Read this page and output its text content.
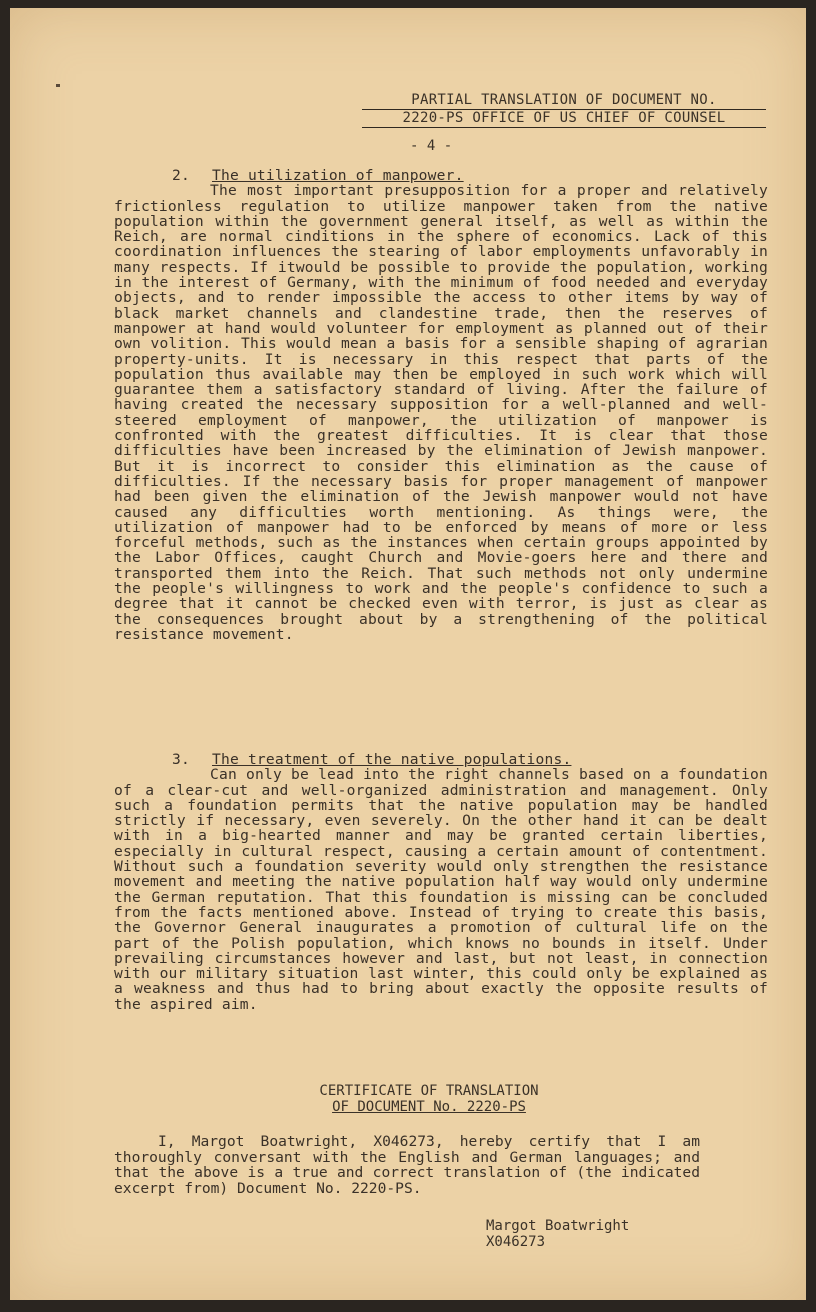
PARTIAL TRANSLATION OF DOCUMENT NO.
2220-PS OFFICE OF US CHIEF OF COUNSEL
- 4 -
2. The utilization of manpower.
The most important presupposition for a proper and relatively frictionless regulation to utilize manpower taken from the native population within the government general itself, as well as within the Reich, are normal cinditions in the sphere of economics. Lack of this coordination influences the stearing of labor employments unfavorably in many respects. If itwould be possible to provide the population, working in the interest of Germany, with the minimum of food needed and everyday objects, and to render impossible the access to other items by way of black market channels and clandestine trade, then the reserves of manpower at hand would volunteer for employment as planned out of their own volition. This would mean a basis for a sensible shaping of agrarian property-units. It is necessary in this respect that parts of the population thus available may then be employed in such work which will guarantee them a satisfactory standard of living. After the failure of having created the necessary supposition for a well-planned and well-steered employment of manpower, the utilization of manpower is confronted with the greatest difficulties. It is clear that those difficulties have been increased by the elimination of Jewish manpower. But it is incorrect to consider this elimination as the cause of difficulties. If the necessary basis for proper management of manpower had been given the elimination of the Jewish manpower would not have caused any difficulties worth mentioning. As things were, the utilization of manpower had to be enforced by means of more or less forceful methods, such as the instances when certain groups appointed by the Labor Offices, caught Church and Movie-goers here and there and transported them into the Reich. That such methods not only undermine the people's willingness to work and the people's confidence to such a degree that it cannot be checked even with terror, is just as clear as the consequences brought about by a strengthening of the political resistance movement.
3. The treatment of the native populations.
Can only be lead into the right channels based on a foundation of a clear-cut and well-organized administration and management. Only such a foundation permits that the native population may be handled strictly if necessary, even severely. On the other hand it can be dealt with in a big-hearted manner and may be granted certain liberties, especially in cultural respect, causing a certain amount of contentment. Without such a foundation severity would only strengthen the resistance movement and meeting the native population half way would only undermine the German reputation. That this foundation is missing can be concluded from the facts mentioned above. Instead of trying to create this basis, the Governor General inaugurates a promotion of cultural life on the part of the Polish population, which knows no bounds in itself. Under prevailing circumstances however and last, but not least, in connection with our military situation last winter, this could only be explained as a weakness and thus had to bring about exactly the opposite results of the aspired aim.
CERTIFICATE OF TRANSLATION
OF DOCUMENT No. 2220-PS
I, Margot Boatwright, X046273, hereby certify that I am thoroughly conversant with the English and German languages; and that the above is a true and correct translation of (the indicated excerpt from) Document No. 2220-PS.
Margot Boatwright
X046273
